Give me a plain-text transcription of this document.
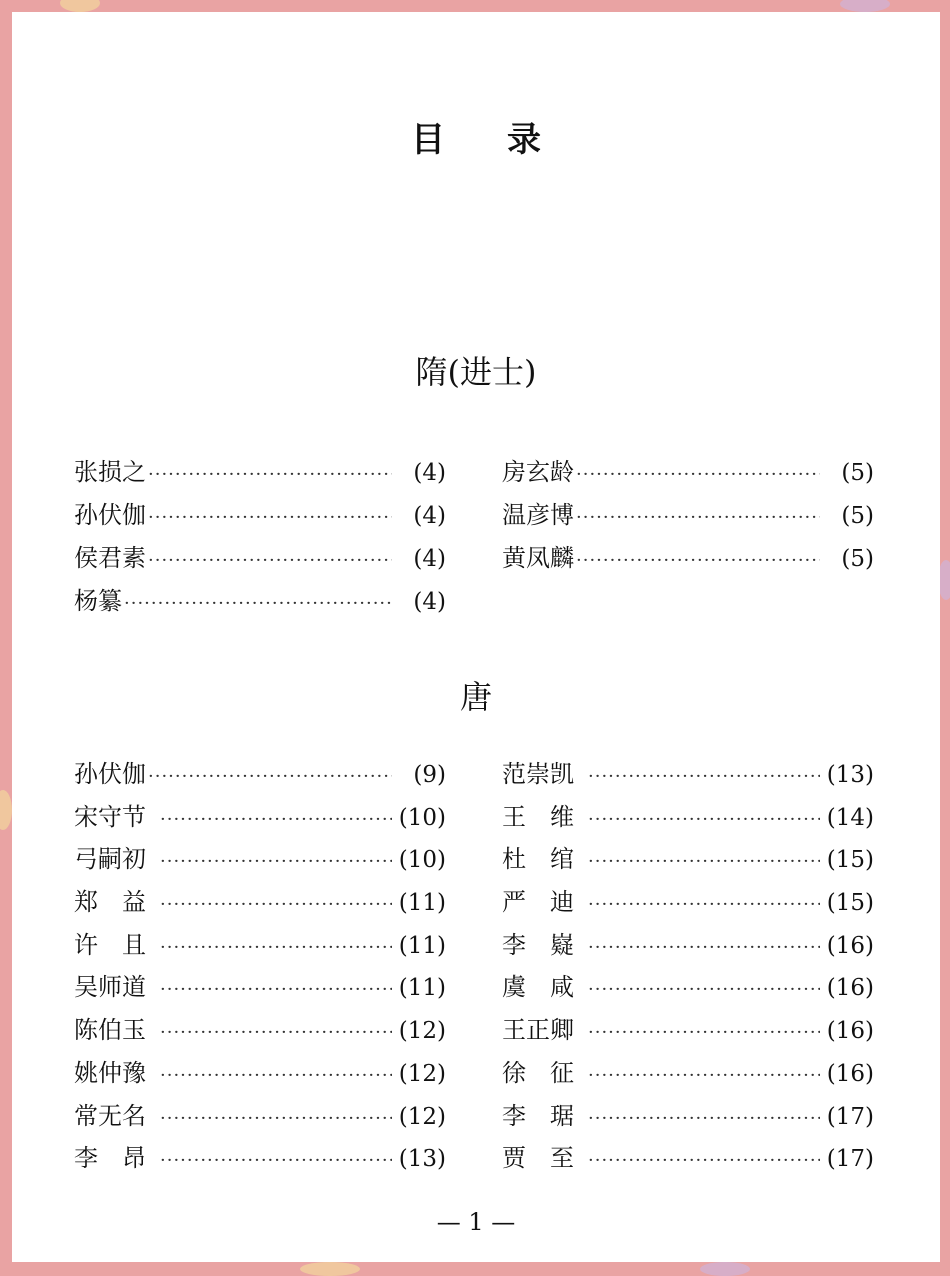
目 录
隋(进士)
张损之 ·····	(4)
孙伏伽 ·····	(4)
侯君素 ·····	(4)
杨纂 ·····	(4)
房玄龄 ·····	(5)
温彦博 ·····	(5)
黄凤麟 ·····	(5)
唐
孙伏伽 ·····	(9)
宋守节 ·····	(10)
弓嗣初 ·····	(10)
郑　益 ·····	(11)
许　且 ·····	(11)
吴师道 ·····	(11)
陈伯玉 ·····	(12)
姚仲豫 ·····	(12)
常无名 ·····	(12)
李　昂 ·····	(13)
范崇凯 ·····	(13)
王　维 ·····	(14)
杜　绾 ·····	(15)
严　迪 ·····	(15)
李　嶷 ·····	(16)
虞　咸 ·····	(16)
王正卿 ·····	(16)
徐　征 ·····	(16)
李　琚 ·····	(17)
贾　至 ·····	(17)
— 1 —
